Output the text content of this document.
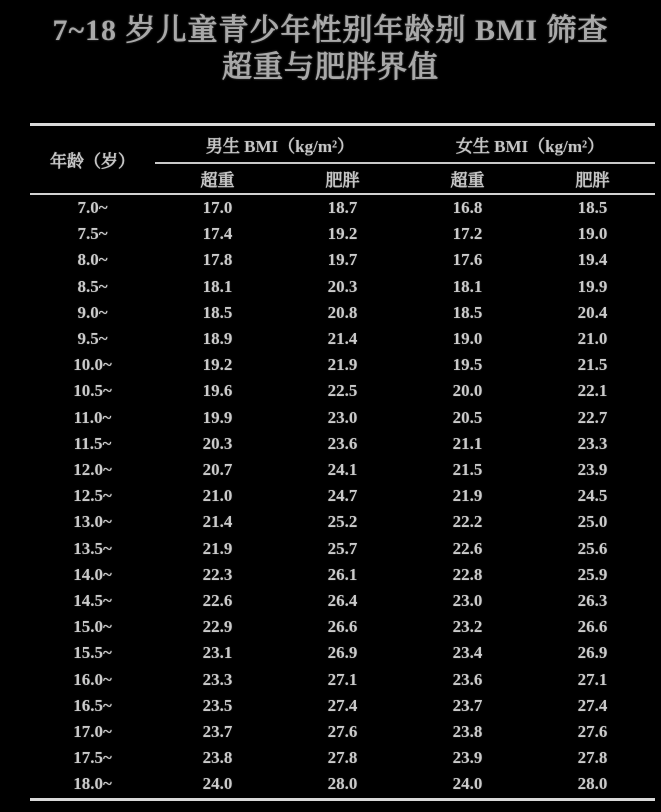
7~18 岁儿童青少年性别年龄别 BMI 筛查
超重与肥胖界值
年龄（岁）	男生 BMI（kg/m²）		女生 BMI（kg/m²）	
	超重	肥胖	超重	肥胖
7.0~	17.0	18.7	16.8	18.5
7.5~	17.4	19.2	17.2	19.0
8.0~	17.8	19.7	17.6	19.4
8.5~	18.1	20.3	18.1	19.9
9.0~	18.5	20.8	18.5	20.4
9.5~	18.9	21.4	19.0	21.0
10.0~	19.2	21.9	19.5	21.5
10.5~	19.6	22.5	20.0	22.1
11.0~	19.9	23.0	20.5	22.7
11.5~	20.3	23.6	21.1	23.3
12.0~	20.7	24.1	21.5	23.9
12.5~	21.0	24.7	21.9	24.5
13.0~	21.4	25.2	22.2	25.0
13.5~	21.9	25.7	22.6	25.6
14.0~	22.3	26.1	22.8	25.9
14.5~	22.6	26.4	23.0	26.3
15.0~	22.9	26.6	23.2	26.6
15.5~	23.1	26.9	23.4	26.9
16.0~	23.3	27.1	23.6	27.1
16.5~	23.5	27.4	23.7	27.4
17.0~	23.7	27.6	23.8	27.6
17.5~	23.8	27.8	23.9	27.8
18.0~	24.0	28.0	24.0	28.0
